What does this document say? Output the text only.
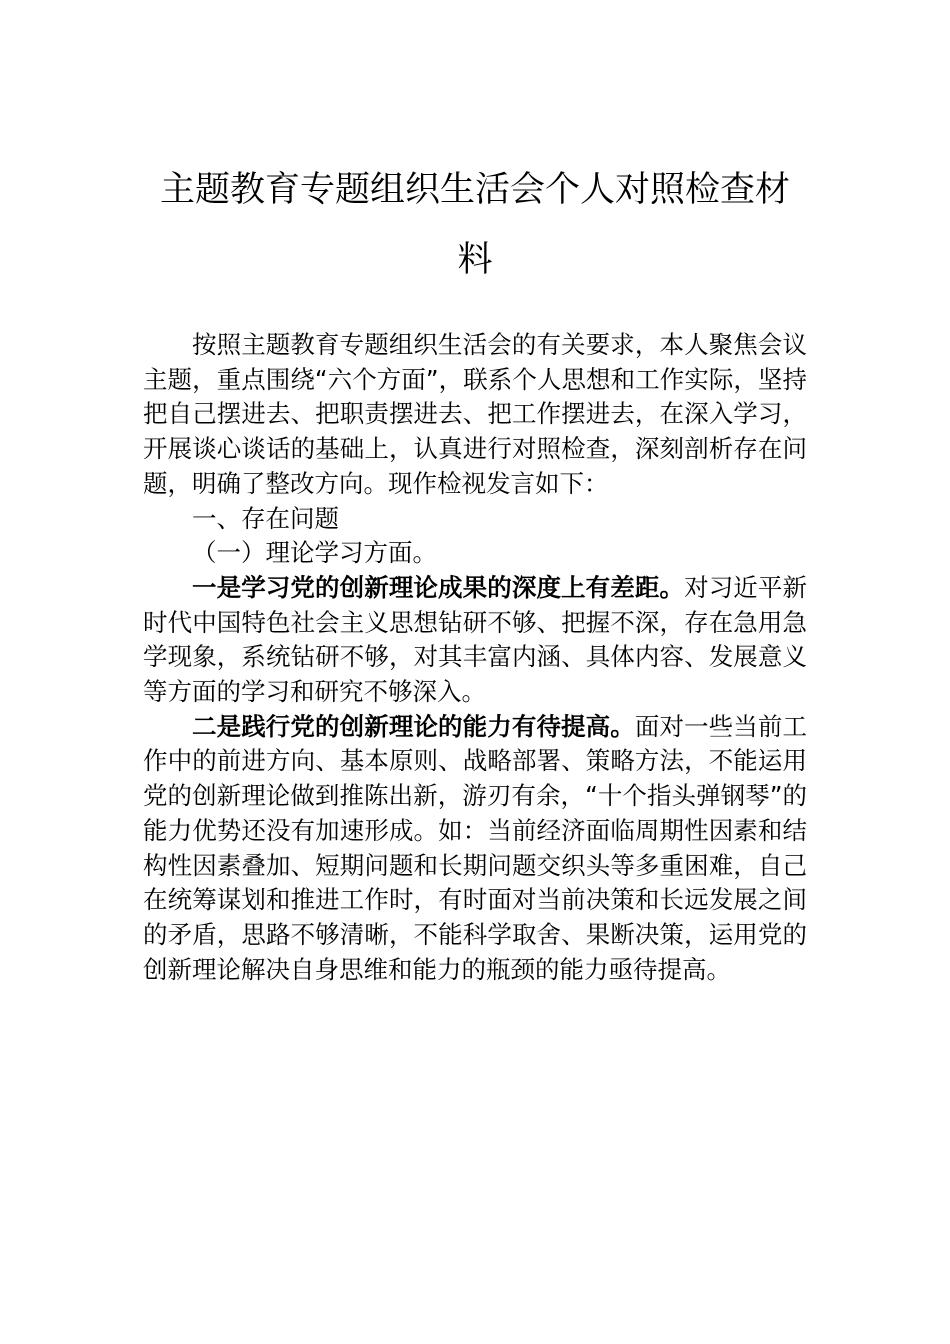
主题教育专题组织生活会个人对照检查材
料

按照主题教育专题组织生活会的有关要求，本人聚焦会议主题，重点围绕“六个方面”，联系个人思想和工作实际，坚持把自己摆进去、把职责摆进去、把工作摆进去，在深入学习，开展谈心谈话的基础上，认真进行对照检查，深刻剖析存在问题，明确了整改方向。现作检视发言如下：

一、存在问题

（一）理论学习方面。

一是学习党的创新理论成果的深度上有差距。对习近平新时代中国特色社会主义思想钻研不够、把握不深，存在急用急学现象，系统钻研不够，对其丰富内涵、具体内容、发展意义等方面的学习和研究不够深入。

二是践行党的创新理论的能力有待提高。面对一些当前工作中的前进方向、基本原则、战略部署、策略方法，不能运用党的创新理论做到推陈出新，游刃有余，“十个指头弹钢琴”的能力优势还没有加速形成。如：当前经济面临周期性因素和结构性因素叠加、短期问题和长期问题交织头等多重困难，自己在统筹谋划和推进工作时，有时面对当前决策和长远发展之间的矛盾，思路不够清晰，不能科学取舍、果断决策，运用党的创新理论解决自身思维和能力的瓶颈的能力亟待提高。
